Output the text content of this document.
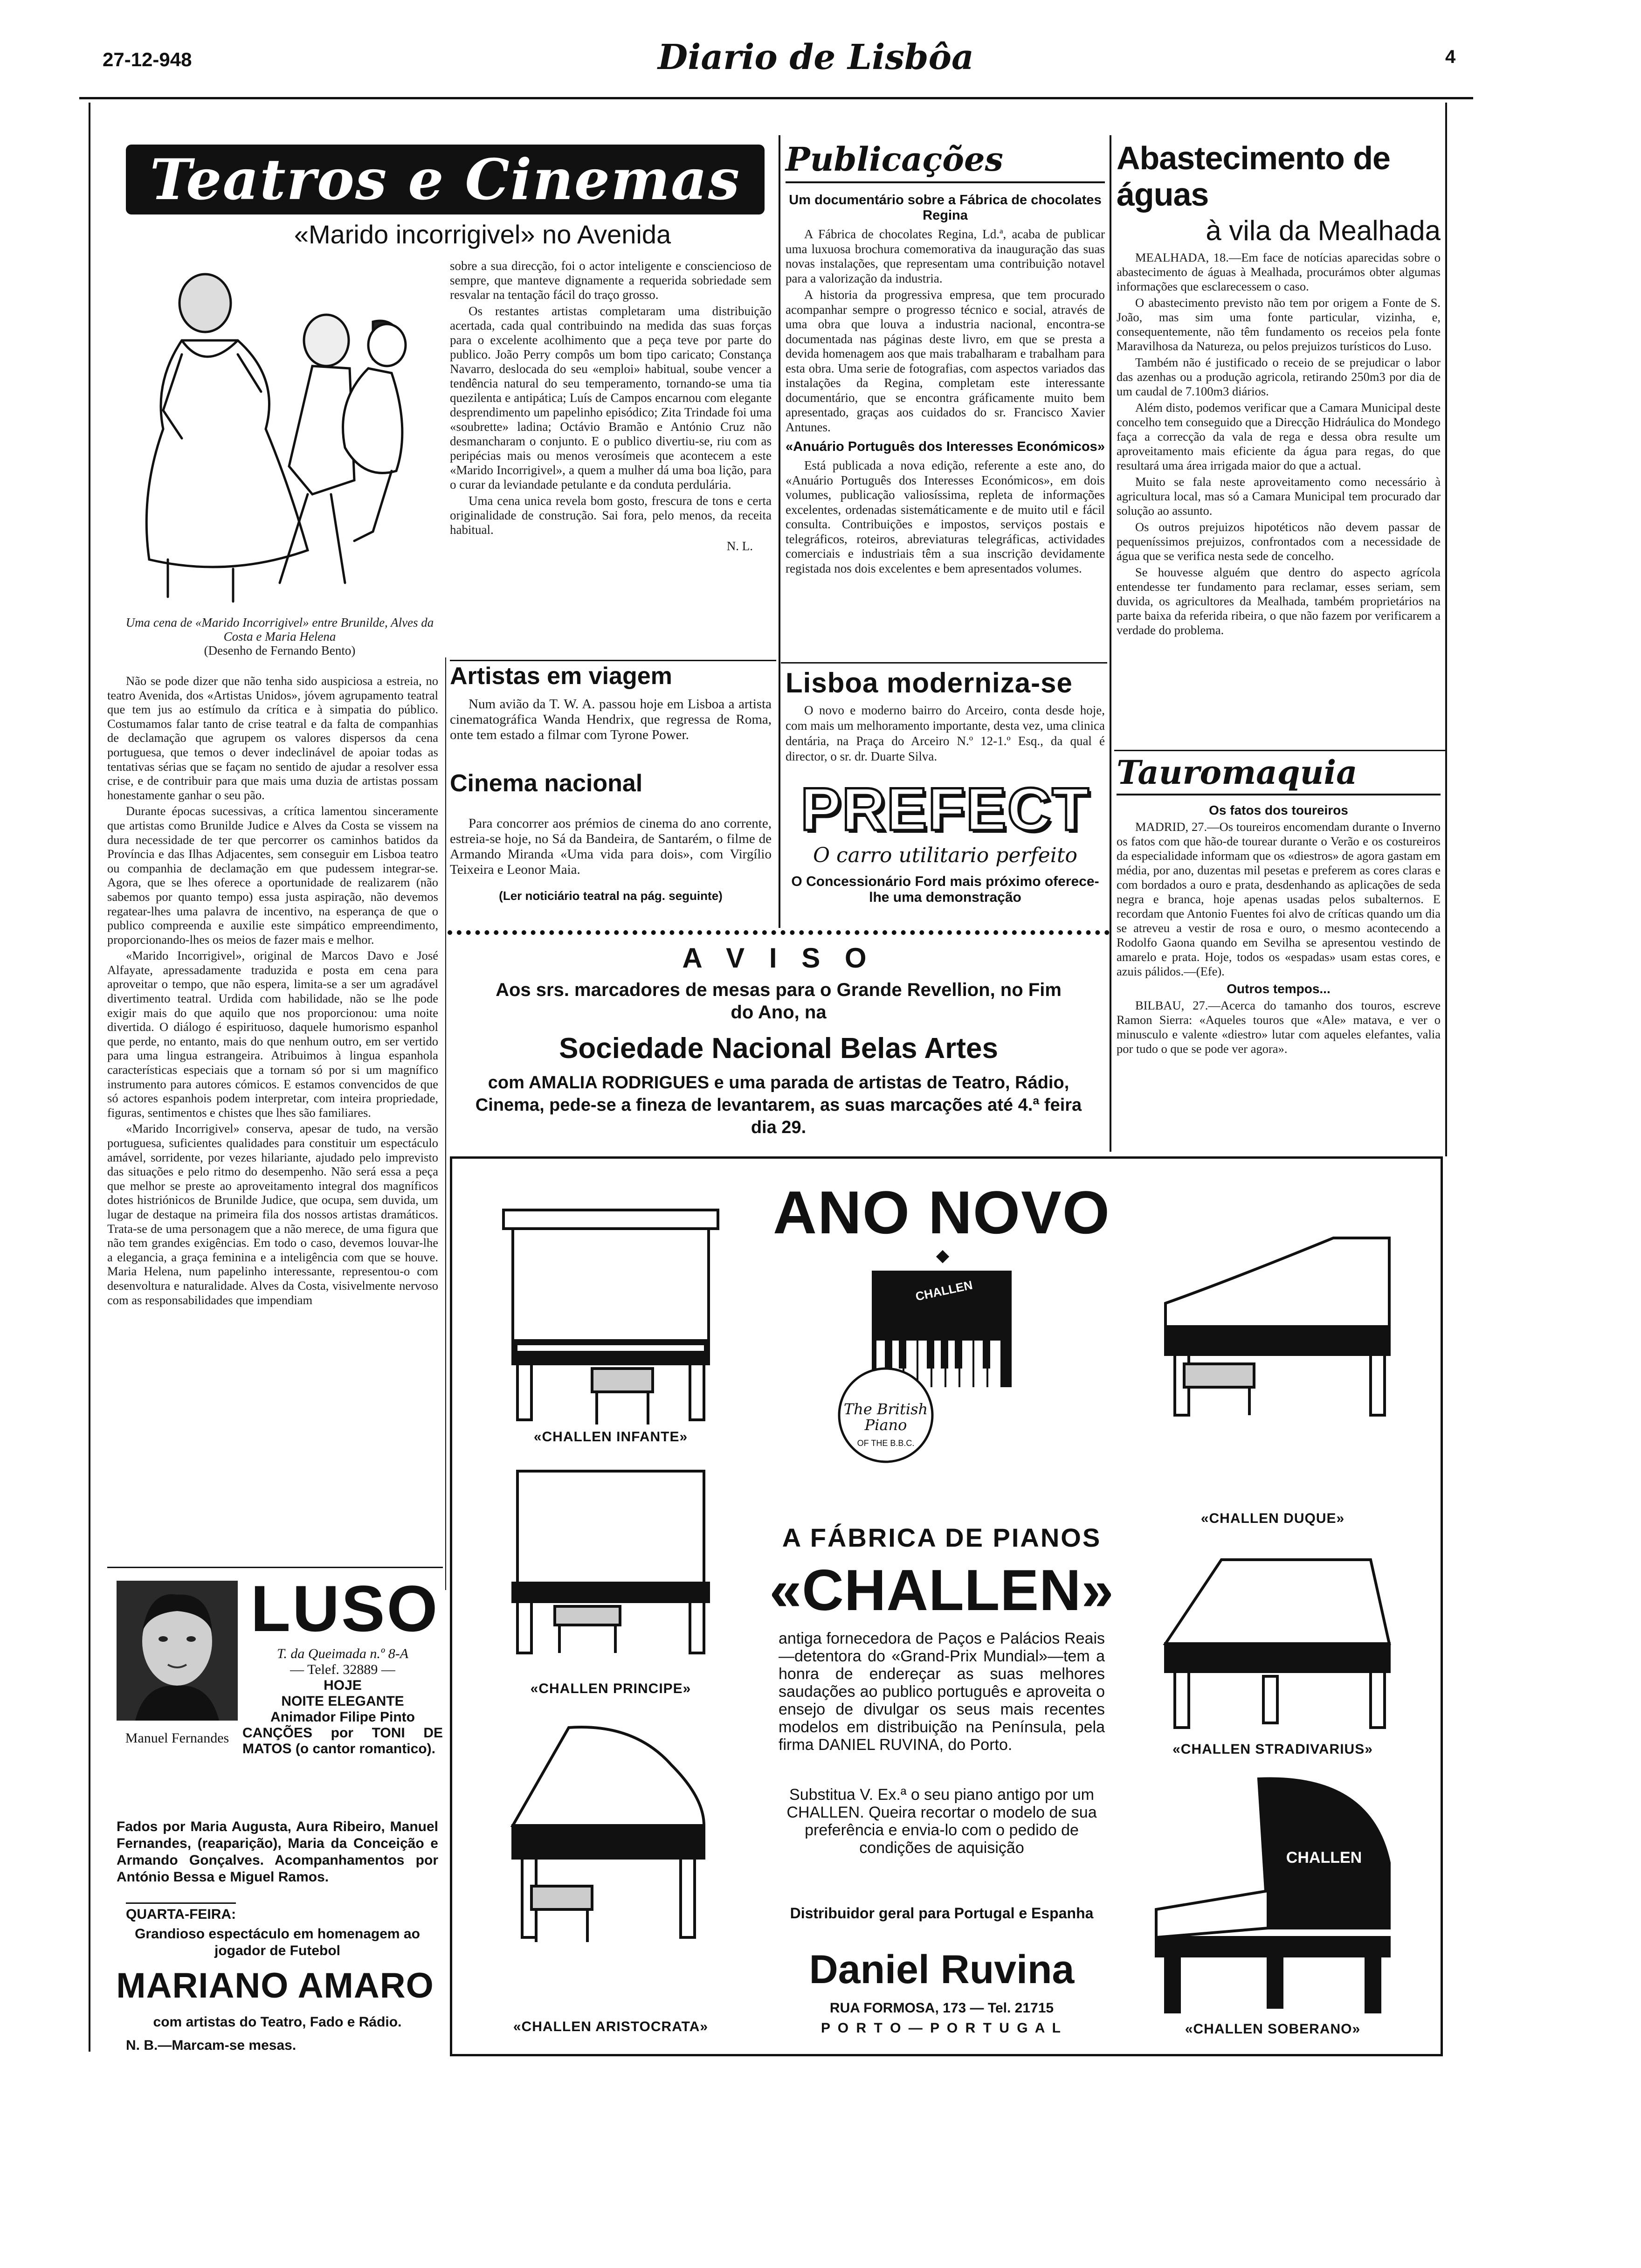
27-12-948	Diario de Lisbôa	4
Teatros e Cinemas
«Marido incorrigivel» no Avenida
Uma cena de «Marido Incorrigivel» entre Brunilde, Alves da Costa e Maria Helena
(Desenho de Fernando Bento)

Não se pode dizer que não tenha sido auspiciosa a estreia, no teatro Avenida, dos «Artistas Unidos», jóvem agrupamento teatral que tem jus ao estímulo da crítica e à simpatia do público. Costumamos falar tanto de crise teatral e da falta de companhias de declamação que agrupem os valores dispersos da cena portuguesa, que temos o dever indeclinável de apoiar todas as tentativas sérias que se façam no sentido de ajudar a resolver essa crise, e de contribuir para que mais uma duzia de artistas possam honestamente ganhar o seu pão.

Durante épocas sucessivas, a crítica lamentou sinceramente que artistas como Brunilde Judice e Alves da Costa se vissem na dura necessidade de ter que percorrer os caminhos batidos da Província e das Ilhas Adjacentes, sem conseguir em Lisboa teatro ou companhia de declamação em que pudessem integrar-se. Agora, que se lhes oferece a oportunidade de realizarem (não sabemos por quanto tempo) essa justa aspiração, não devemos regatear-lhes uma palavra de incentivo, na esperança de que o publico compreenda e auxilie este simpático empreendimento, proporcionando-lhes os meios de fazer mais e melhor.

«Marido Incorrigivel», original de Marcos Davo e José Alfayate, apressadamente traduzida e posta em cena para aproveitar o tempo, que não espera, limita-se a ser um agradável divertimento teatral. Urdida com habilidade, não se lhe pode exigir mais do que aquilo que nos proporcionou: uma noite divertida. O diálogo é espirituoso, daquele humorismo espanhol que perde, no entanto, mais do que nenhum outro, em ser vertido para uma lingua estrangeira. Atribuimos à lingua espanhola características especiais que a tornam só por si um magnífico instrumento para autores cómicos. E estamos convencidos de que só actores espanhois podem interpretar, com inteira propriedade, figuras, sentimentos e chistes que lhes são familiares.

«Marido Incorrigivel» conserva, apesar de tudo, na versão portuguesa, suficientes qualidades para constituir um espectáculo amável, sorridente, por vezes hilariante, ajudado pelo imprevisto das situações e pelo ritmo do desempenho. Não será essa a peça que melhor se preste ao aproveitamento integral dos magníficos dotes histriónicos de Brunilde Judice, que ocupa, sem duvida, um lugar de destaque na primeira fila dos nossos artistas dramáticos. Trata-se de uma personagem que a não merece, de uma figura que não tem grandes exigências. Em todo o caso, devemos louvar-lhe a elegancia, a graça feminina e a inteligência com que se houve. Maria Helena, num papelinho interessante, representou-o com desenvoltura e naturalidade. Alves da Costa, visivelmente nervoso com as responsabilidades que impendiam

sobre a sua direcção, foi o actor inteligente e consciencioso de sempre, que manteve dignamente a requerida sobriedade sem resvalar na tentação fácil do traço grosso.

Os restantes artistas completaram uma distribuição acertada, cada qual contribuindo na medida das suas forças para o excelente acolhimento que a peça teve por parte do publico. João Perry compôs um bom tipo caricato; Constança Navarro, deslocada do seu «emploi» habitual, soube vencer a tendência natural do seu temperamento, tornando-se uma tia quezilenta e antipática; Luís de Campos encarnou com elegante desprendimento um papelinho episódico; Zita Trindade foi uma «soubrette» ladina; Octávio Bramão e António Cruz não desmancharam o conjunto. E o publico divertiu-se, riu com as peripécias mais ou menos verosímeis que acontecem a este «Marido Incorrigivel», a quem a mulher dá uma boa lição, para o curar da leviandade petulante e da conduta perdulária.

Uma cena unica revela bom gosto, frescura de tons e certa originalidade de construção. Sai fora, pelo menos, da receita habitual.

N. L.
Artistas em viagem
Num avião da T. W. A. passou hoje em Lisboa a artista cinematográfica Wanda Hendrix, que regressa de Roma, onte tem estado a filmar com Tyrone Power.
Cinema nacional
Para concorrer aos prémios de cinema do ano corrente, estreia-se hoje, no Sá da Bandeira, de Santarém, o filme de Armando Miranda «Uma vida para dois», com Virgílio Teixeira e Leonor Maia.
(Ler noticiário teatral na pág. seguinte)
Publicações
Um documentário sobre a Fábrica de chocolates Regina

A Fábrica de chocolates Regina, Ld.ª, acaba de publicar uma luxuosa brochura comemorativa da inauguração das suas novas instalações, que representam uma contribuição notavel para a valorização da industria.

A historia da progressiva empresa, que tem procurado acompanhar sempre o progresso técnico e social, através de uma obra que louva a industria nacional, encontra-se documentada nas páginas deste livro, em que se presta a devida homenagem aos que mais trabalharam e trabalham para esta obra. Uma serie de fotografias, com aspectos variados das instalações da Regina, completam este interessante documentário, que se encontra gráficamente muito bem apresentado, graças aos cuidados do sr. Francisco Xavier Antunes.

«Anuário Português dos Interesses Económicos»

Está publicada a nova edição, referente a este ano, do «Anuário Português dos Interesses Económicos», em dois volumes, publicação valiosíssima, repleta de informações excelentes, ordenadas sistemáticamente e de muito util e fácil consulta. Contribuições e impostos, serviços postais e telegráficos, roteiros, abreviaturas telegráficas, actividades comerciais e industriais têm a sua inscrição devidamente registada nos dois excelentes e bem apresentados volumes.

Lisboa moderniza-se
O novo e moderno bairro do Arceiro, conta desde hoje, com mais um melhoramento importante, desta vez, uma clinica dentária, na Praça do Arceiro N.º 12-1.º Esq., da qual é director, o sr. dr. Duarte Silva.
PREFECT
O carro utilitario perfeito
O Concessionário Ford mais próximo oferece-lhe uma demonstração
A V I S O
Aos srs. marcadores de mesas para o Grande Revellion, no Fim do Ano, na
Sociedade Nacional Belas Artes
com AMALIA RODRIGUES e uma parada de artistas de Teatro, Rádio, Cinema, pede-se a fineza de levantarem, as suas marcações até 4.ª feira dia 29.
Abastecimento de águas
à vila da Mealhada

MEALHADA, 18.—Em face de notícias aparecidas sobre o abastecimento de águas à Mealhada, procurámos obter algumas informações que esclarecessem o caso.

O abastecimento previsto não tem por origem a Fonte de S. João, mas sim uma fonte particular, vizinha, e, consequentemente, não têm fundamento os receios pela fonte Maravilhosa da Natureza, ou pelos prejuizos turísticos do Luso.

Também não é justificado o receio de se prejudicar o labor das azenhas ou a produção agricola, retirando 250m3 por dia de um caudal de 7.100m3 diários.

Além disto, podemos verificar que a Camara Municipal deste concelho tem conseguido que a Direcção Hidráulica do Mondego faça a correcção da vala de rega e dessa obra resulte um aproveitamento mais eficiente da água para regas, do que resultará uma área irrigada maior do que a actual.

Muito se fala neste aproveitamento como necessário à agricultura local, mas só a Camara Municipal tem procurado dar solução ao assunto.

Os outros prejuizos hipotéticos não devem passar de pequeníssimos prejuizos, confrontados com a necessidade de água que se verifica nesta sede de concelho.

Se houvesse alguém que dentro do aspecto agrícola entendesse ter fundamento para reclamar, esses seriam, sem duvida, os agricultores da Mealhada, também proprietários na parte baixa da referida ribeira, o que não fazem por verificarem a verdade do problema.

Tauromaquia
Os fatos dos toureiros
MADRID, 27.—Os toureiros encomendam durante o Inverno os fatos com que hão-de tourear durante o Verão e os costureiros da especialidade informam que os «diestros» de agora gastam em média, por ano, duzentas mil pesetas e preferem as cores claras e com bordados a ouro e prata, desdenhando as aplicações de seda negra e branca, hoje apenas usadas pelos subalternos. E recordam que Antonio Fuentes foi alvo de críticas quando um dia se atreveu a vestir de rosa e ouro, o mesmo acontecendo a Rodolfo Gaona quando em Sevilha se apresentou vestindo de amarelo e prata. Hoje, todos os «espadas» usam estas cores, e azuis pálidos.—(Efe).
Outros tempos...
BILBAU, 27.—Acerca do tamanho dos touros, escreve Ramon Sierra: «Aqueles touros que «Ale» matava, e ver o minusculo e valente «diestro» lutar com aqueles elefantes, valia por tudo o que se pode ver agora».
Manuel Fernandes
LUSO
T. da Queimada n.º 8-A
— Telef. 32889 —
HOJE
NOITE ELEGANTE
Animador Filipe Pinto
CANÇÕES por TONI DE MATOS (o cantor romantico).
Fados por Maria Augusta, Aura Ribeiro, Manuel Fernandes, (reaparição), Maria da Conceição e Armando Gonçalves. Acompanhamentos por António Bessa e Miguel Ramos.
QUARTA-FEIRA:
Grandioso espectáculo em homenagem ao jogador de Futebol
MARIANO AMARO
com artistas do Teatro, Fado e Rádio.
N. B.—Marcam-se mesas.
ANO NOVO
CHALLEN
The British Piano
OF THE B.B.C.
A FÁBRICA DE PIANOS
«CHALLEN»
antiga fornecedora de Paços e Palácios Reais—detentora do «Grand-Prix Mundial»—tem a honra de endereçar as suas melhores saudações ao publico português e aproveita o ensejo de divulgar os seus mais recentes modelos em distribuição na Península, pela firma DANIEL RUVINA, do Porto.
Substitua V. Ex.ª o seu piano antigo por um CHALLEN. Queira recortar o modelo de sua preferência e envia-lo com o pedido de condições de aquisição
Distribuidor geral para Portugal e Espanha
Daniel Ruvina
RUA FORMOSA, 173 — Tel. 21715
P O R T O — P O R T U G A L
«CHALLEN INFANTE»
«CHALLEN PRINCIPE»
«CHALLEN ARISTOCRATA»
«CHALLEN DUQUE»
«CHALLEN STRADIVARIUS»
CHALLEN
«CHALLEN SOBERANO»
